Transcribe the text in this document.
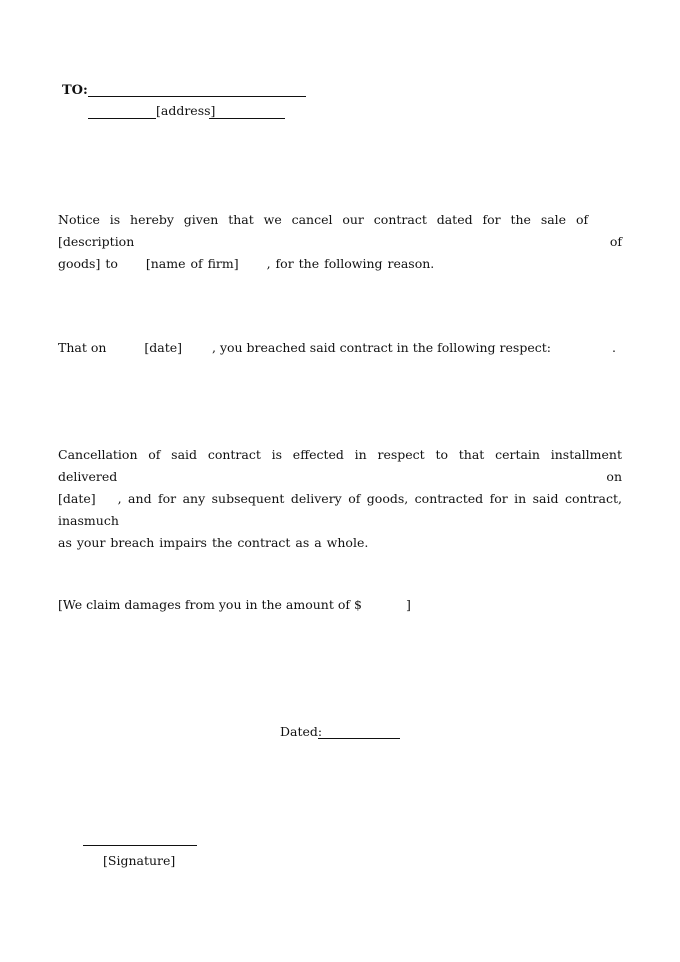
TO:
[address]
Notice is hereby given that we cancel our contract dated for the sale of  [description of
goods] to [name of firm] , for the following reason.
That on	[date] , you breached said contract in the following respect:	.
Cancellation of said contract is effected in respect to that certain installment delivered on
[date] , and for any subsequent delivery of goods, contracted for in said contract, inasmuch
as your breach impairs the contract as a whole.
[We claim damages from you in the amount of $	]
Dated:
[Signature]
